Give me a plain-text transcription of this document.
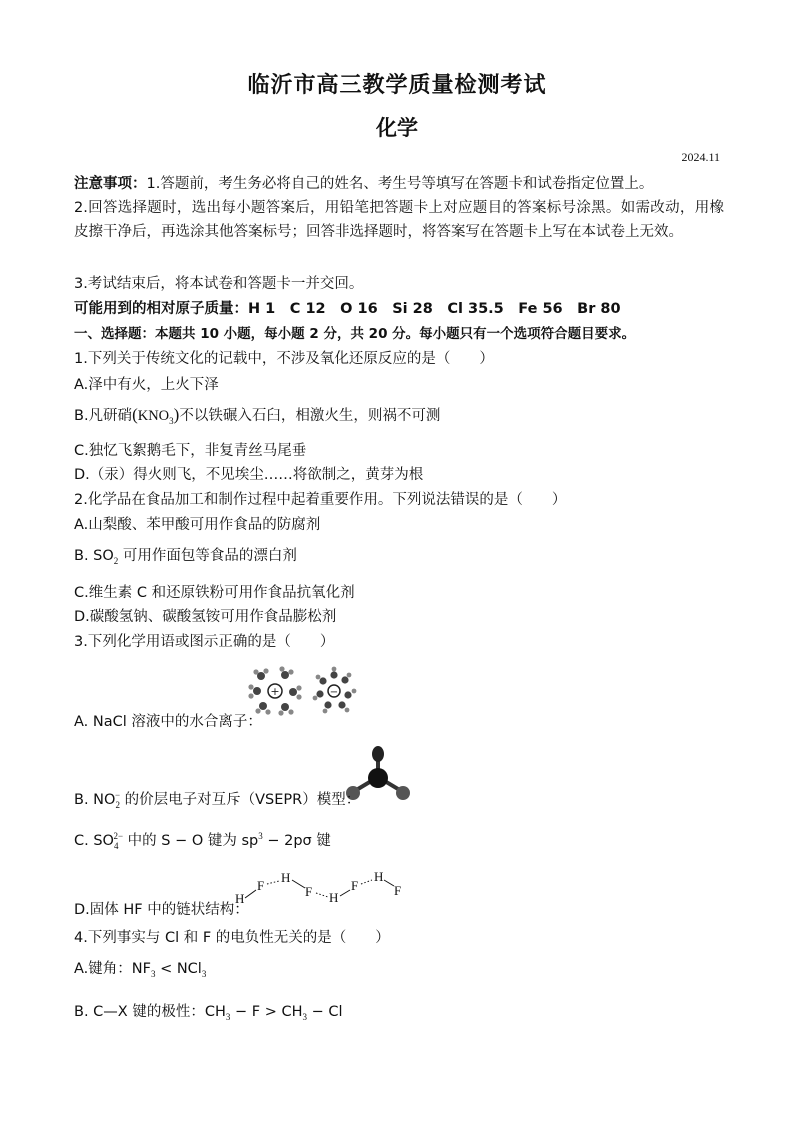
临沂市高三教学质量检测考试
化学
2024.11
注意事项：1.答题前，考生务必将自己的姓名、考生号等填写在答题卡和试卷指定位置上。
2.回答选择题时，选出每小题答案后，用铅笔把答题卡上对应题目的答案标号涂黑。如需改动，用橡皮擦干净后，再选涂其他答案标号；回答非选择题时，将答案写在答题卡上写在本试卷上无效。
3.考试结束后，将本试卷和答题卡一并交回。
可能用到的相对原子质量：H 1　C 12　O 16　Si 28　Cl 35.5　Fe 56　Br 80
一、选择题：本题共 10 小题，每小题 2 分，共 20 分。每小题只有一个选项符合题目要求。
1.下列关于传统文化的记载中，不涉及氧化还原反应的是（　　）
A.泽中有火，上火下泽
B.凡研硝$(KNO_3)$不以铁碾入石臼，相激火生，则祸不可测
C.独忆飞絮鹅毛下，非复青丝马尾垂
D.（汞）得火则飞，不见埃尘……将欲制之，黄芽为根
2.化学品在食品加工和制作过程中起着重要作用。下列说法错误的是（　　）
A.山梨酸、苯甲酸可用作食品的防腐剂
B. $SO_2$ 可用作面包等食品的漂白剂
C.维生素 C 和还原铁粉可用作食品抗氧化剂
D.碳酸氢钠、碳酸氢铵可用作食品膨松剂
3.下列化学用语或图示正确的是（　　）
+	−
A. NaCl 溶液中的水合离子：
B. $NO_2^-$ 的价层电子对互斥（VSEPR）模型：
C. $SO_4^{2-}$ 中的 S − O 键为 $sp^3 - 2p\sigma$ 键
H
F
H
F H
F
H
F
D.固体 HF 中的链状结构：
4.下列事实与 Cl 和 F 的电负性无关的是（　　）
A.键角：$NF_3 < NCl_3$
B. C—X 键的极性：$CH_3 - F > CH_3 - Cl$
